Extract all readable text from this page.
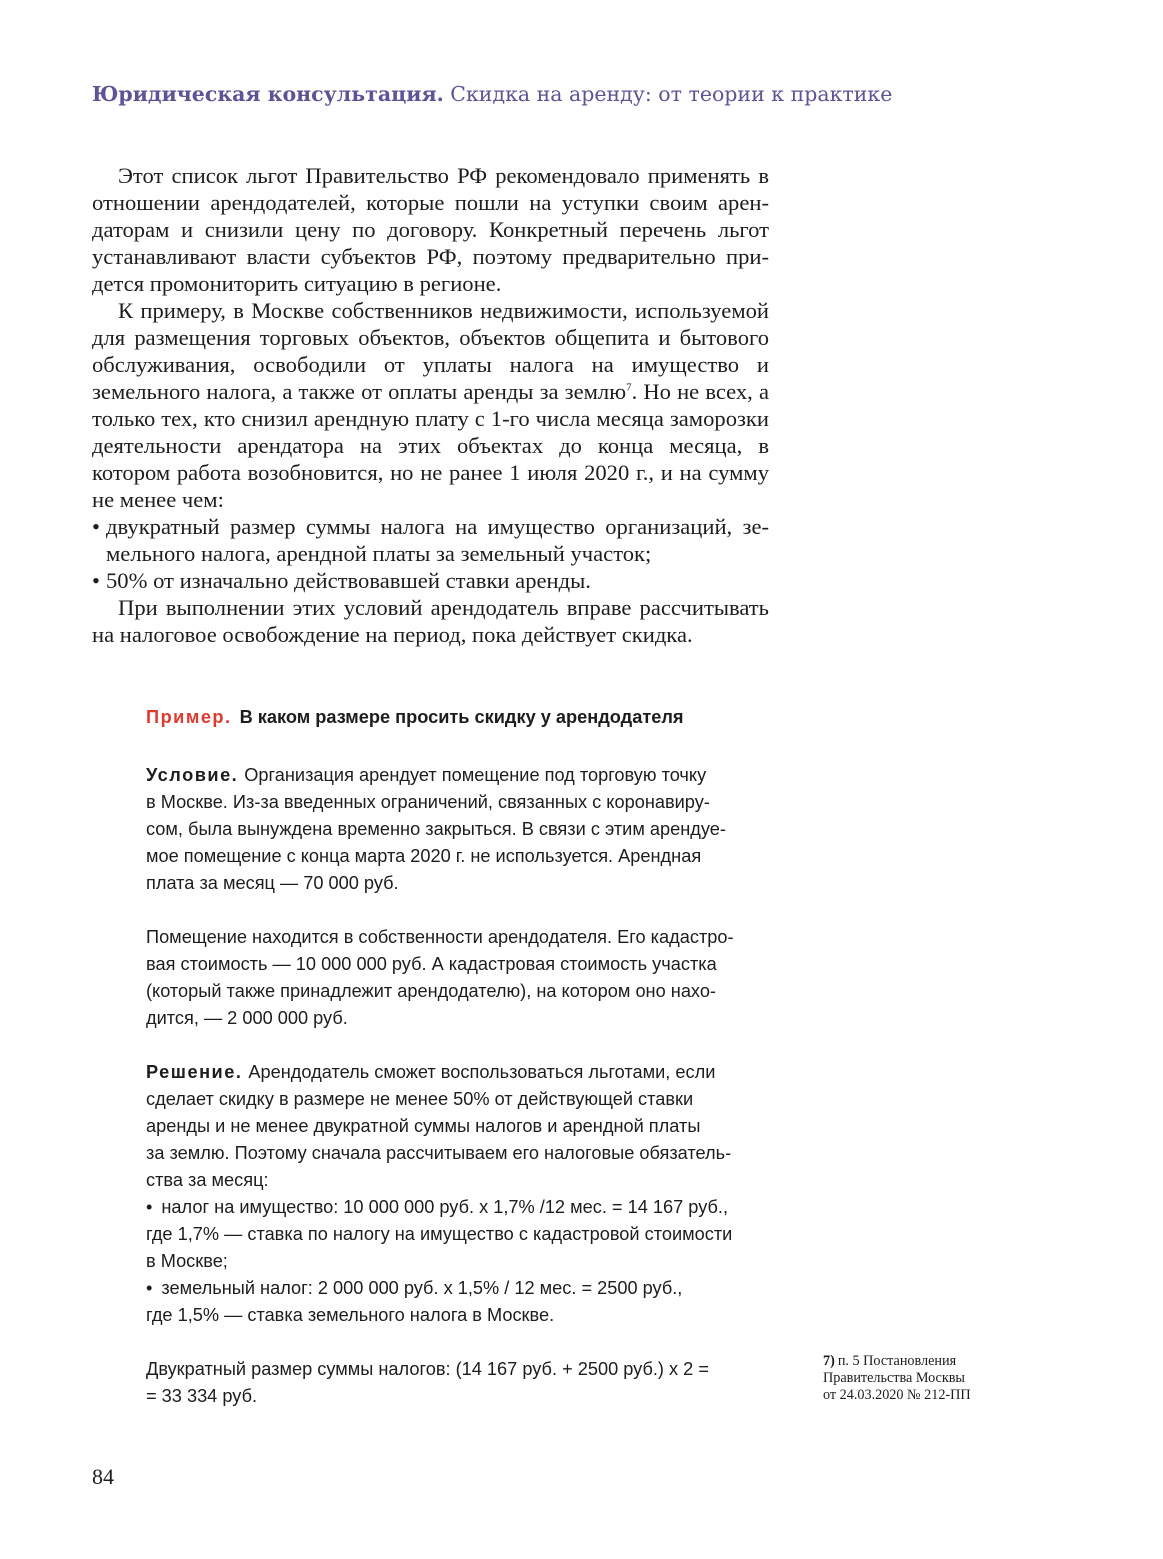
Юридическая консультация. Скидка на аренду: от теории к практике

Этот список льгот Правительство РФ рекомендовало применять в отношении арендодателей, которые пошли на уступки своим арендаторам и снизили цену по договору. Конкретный перечень льгот устанавливают власти субъектов РФ, поэтому предварительно придется промониторить ситуацию в регионе.

К примеру, в Москве собственников недвижимости, используемой для размещения торговых объектов, объектов общепита и бытового обслуживания, освободили от уплаты налога на имущество и земельного налога, а также от оплаты аренды за землю$^7$. Но не всех, а только тех, кто снизил арендную плату с 1-го числа месяца заморозки деятельности арендатора на этих объектах до конца месяца, в котором работа возобновится, но не ранее 1 июля 2020 г., и на сумму не менее чем:

• двукратный размер суммы налога на имущество организаций, земельного налога, арендной платы за земельный участок;
• 50% от изначально действовавшей ставки аренды.

При выполнении этих условий арендодатель вправе рассчитывать на налоговое освобождение на период, пока действует скидка.

Пример. В каком размере просить скидку у арендодателя
Условие. Организация арендует помещение под торговую точку
в Москве. Из-за введенных ограничений, связанных с коронавиру-
сом, была вынуждена временно закрыться. В связи с этим арендуе-
мое помещение с конца марта 2020 г. не используется. Арендная
плата за месяц — 70 000 руб.
Помещение находится в собственности арендодателя. Его кадастро-
вая стоимость — 10 000 000 руб. А кадастровая стоимость участка
(который также принадлежит арендодателю), на котором оно нахо-
дится, — 2 000 000 руб.
Решение. Арендодатель сможет воспользоваться льготами, если
сделает скидку в размере не менее 50% от действующей ставки
аренды и не менее двукратной суммы налогов и арендной платы
за землю. Поэтому сначала рассчитываем его налоговые обязатель-
ства за месяц:
• налог на имущество: 10 000 000 руб. х 1,7% /12 мес. = 14 167 руб.,
где 1,7% — ставка по налогу на имущество с кадастровой стоимости
в Москве;
• земельный налог: 2 000 000 руб. х 1,5% / 12 мес. = 2500 руб.,
где 1,5% — ставка земельного налога в Москве.
Двукратный размер суммы налогов: (14 167 руб. + 2500 руб.) х 2 =
= 33 334 руб.
7) п. 5 Постановления
Правительства Москвы
от 24.03.2020 № 212-ПП
84
